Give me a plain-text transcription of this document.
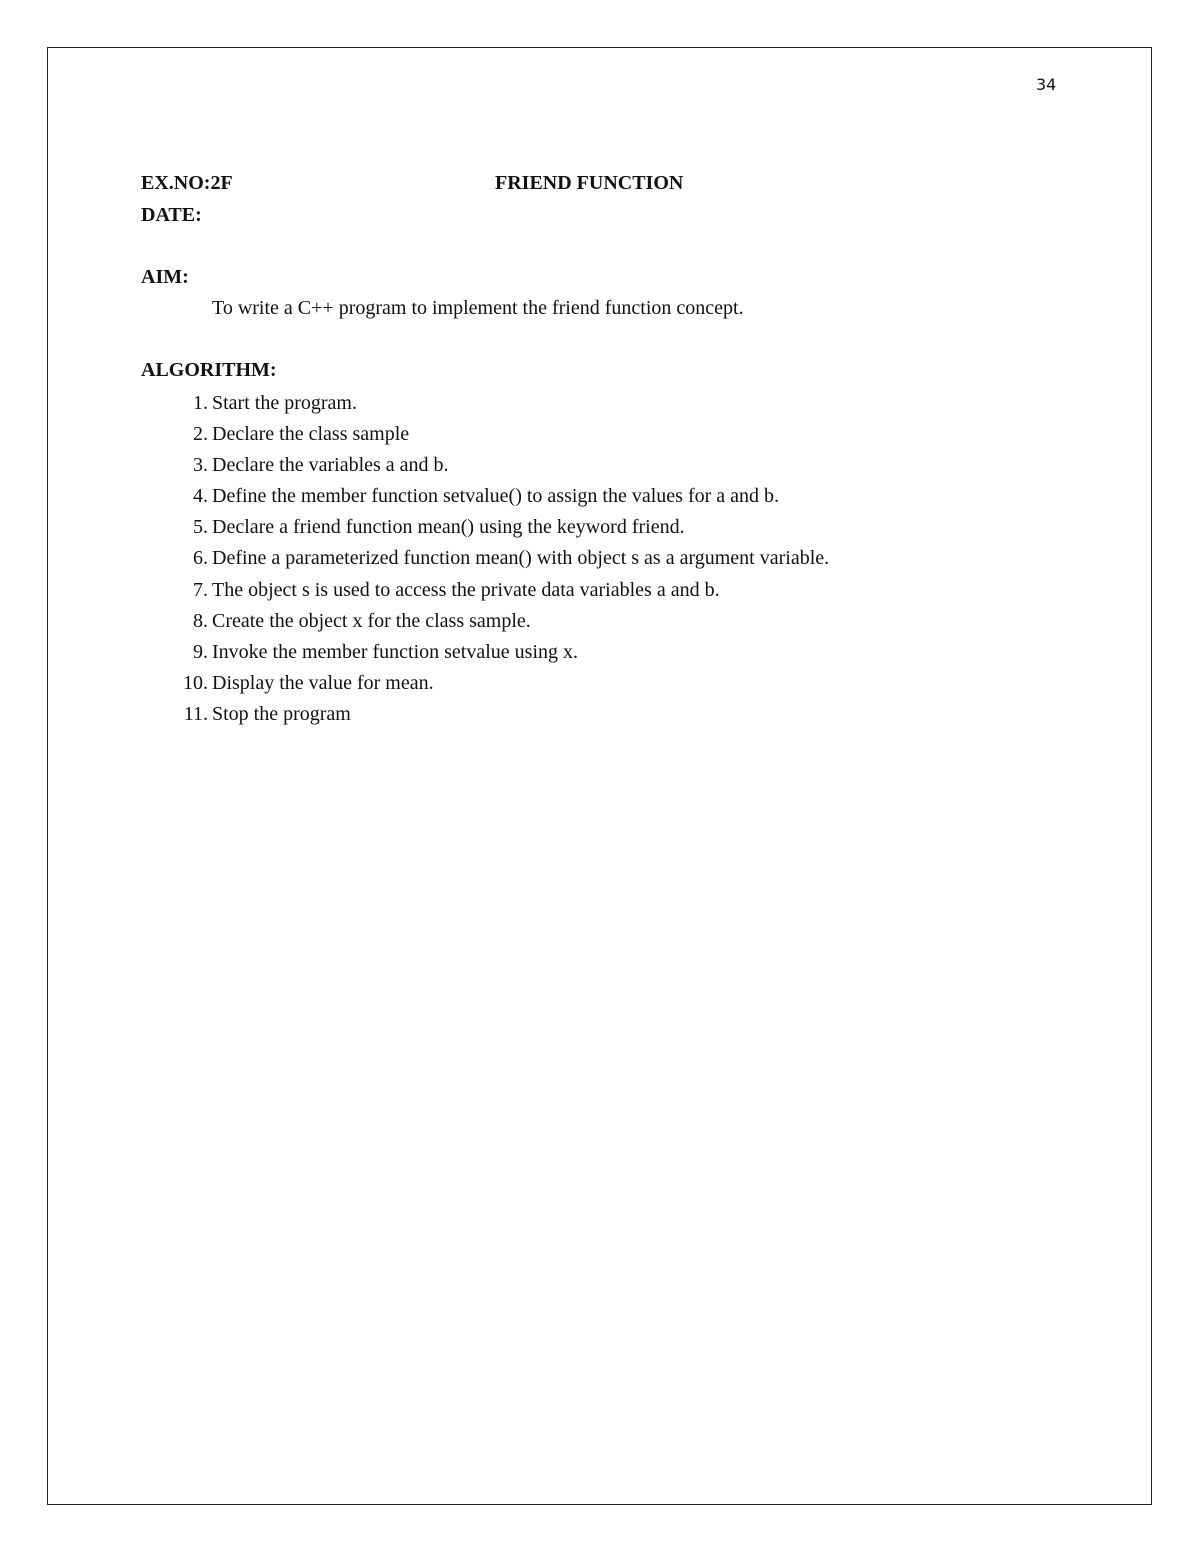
34
EX.NO:2F	FRIEND FUNCTION
DATE:
AIM:
To write a C++ program to implement the friend function concept.
ALGORITHM:
1. Start the program.
2. Declare the class sample
3. Declare the variables a and b.
4. Define the member function setvalue() to assign the values for a and b.
5. Declare a friend function mean() using the keyword friend.
6. Define a parameterized function mean() with object s as a argument variable.
7. The object s is used to access the private data variables a and b.
8. Create the object x for the class sample.
9. Invoke the member function setvalue using x.
10. Display the value for mean.
11. Stop the program
